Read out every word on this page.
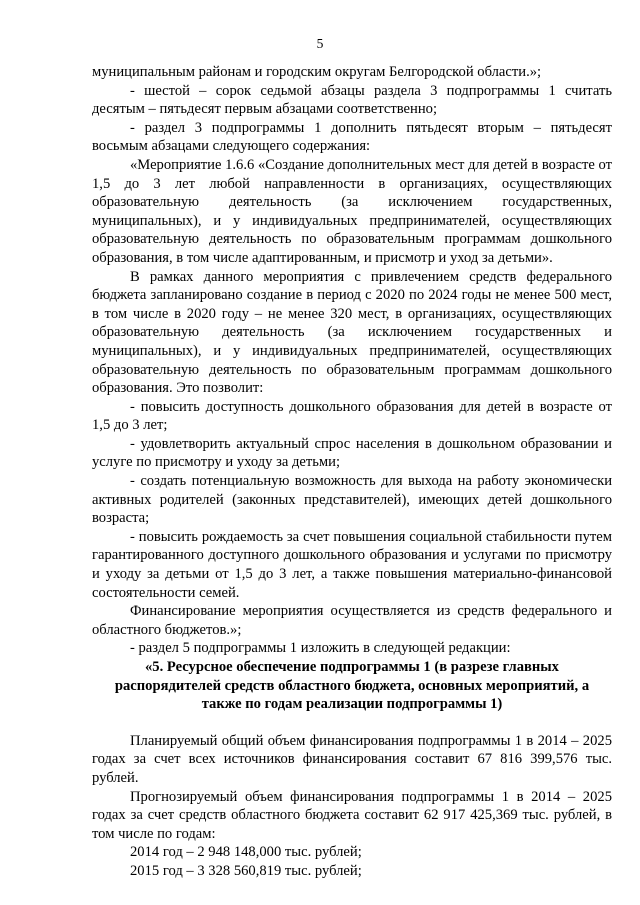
5

муниципальным районам и городским округам Белгородской области.»;

- шестой – сорок седьмой абзацы раздела 3 подпрограммы 1 считать десятым – пятьдесят первым абзацами соответственно;

- раздел 3 подпрограммы 1 дополнить пятьдесят вторым – пятьдесят восьмым абзацами следующего содержания:

«Мероприятие 1.6.6 «Создание дополнительных мест для детей в возрасте от 1,5 до 3 лет любой направленности в организациях, осуществляющих образовательную деятельность (за исключением государственных, муниципальных), и у индивидуальных предпринимателей, осуществляющих образовательную деятельность по образовательным программам дошкольного образования, в том числе адаптированным, и присмотр и уход за детьми».

В рамках данного мероприятия с привлечением средств федерального бюджета запланировано создание в период с 2020 по 2024 годы не менее 500 мест, в том числе в 2020 году – не менее 320 мест, в организациях, осуществляющих образовательную деятельность (за исключением государственных и муниципальных), и у индивидуальных предпринимателей, осуществляющих образовательную деятельность по образовательным программам дошкольного образования. Это позволит:

- повысить доступность дошкольного образования для детей в возрасте от 1,5 до 3 лет;

- удовлетворить актуальный спрос населения в дошкольном образовании и услуге по присмотру и уходу за детьми;

- создать потенциальную возможность для выхода на работу экономически активных родителей (законных представителей), имеющих детей дошкольного возраста;

- повысить рождаемость за счет повышения социальной стабильности путем гарантированного доступного дошкольного образования и услугами по присмотру и уходу за детьми от 1,5 до 3 лет, а также повышения материально-финансовой состоятельности семей.

Финансирование мероприятия осуществляется из средств федерального и областного бюджетов.»;

- раздел 5 подпрограммы 1 изложить в следующей редакции:

«5. Ресурсное обеспечение подпрограммы 1 (в разрезе главных распорядителей средств областного бюджета, основных мероприятий, а также по годам реализации подпрограммы 1)

Планируемый общий объем финансирования подпрограммы 1 в 2014 – 2025 годах за счет всех источников финансирования составит 67 816 399,576 тыс. рублей.

Прогнозируемый объем финансирования подпрограммы 1 в 2014 – 2025 годах за счет средств областного бюджета составит 62 917 425,369 тыс. рублей, в том числе по годам:

2014 год – 2 948 148,000 тыс. рублей;

2015 год – 3 328 560,819 тыс. рублей;
